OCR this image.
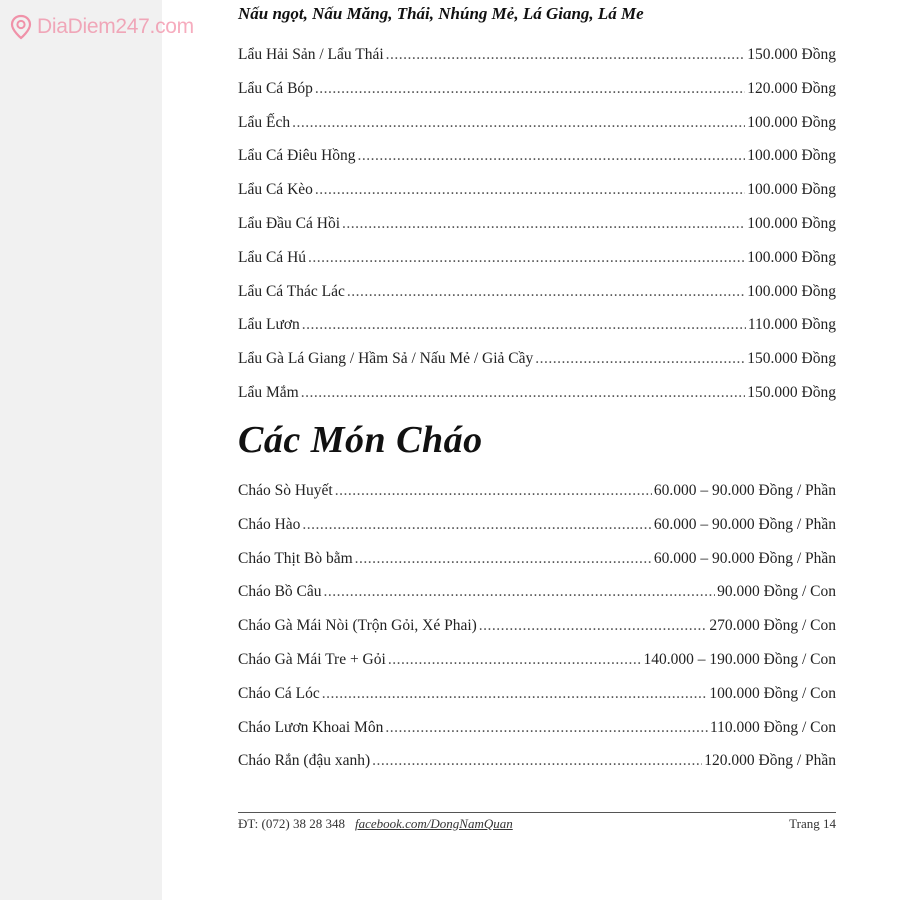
DiaDiem247.com
Nấu ngọt, Nấu Măng, Thái, Nhúng Mẻ, Lá Giang, Lá Me
Lẩu Hải Sản / Lẩu Thái .....	150.000 Đồng
Lẩu Cá Bóp .....	120.000 Đồng
Lẩu Ếch .....	100.000 Đồng
Lẩu Cá Điêu Hồng .....	100.000 Đồng
Lẩu Cá Kèo .....	100.000 Đồng
Lẩu Đầu Cá Hồi .....	100.000 Đồng
Lẩu Cá Hú .....	100.000 Đồng
Lẩu Cá Thác Lác .....	100.000 Đồng
Lẩu Lươn .....	110.000 Đồng
Lẩu Gà Lá Giang / Hầm Sả / Nấu Mẻ / Giả Cầy .....	150.000 Đồng
Lẩu Mắm .....	150.000 Đồng
Các Món Cháo
Cháo Sò Huyết .....	60.000 – 90.000 Đồng / Phần
Cháo Hào .....	60.000 – 90.000 Đồng / Phần
Cháo Thịt Bò bằm .....	60.000 – 90.000 Đồng / Phần
Cháo Bồ Câu .....	90.000 Đồng / Con
Cháo Gà Mái Nòi (Trộn Gỏi, Xé Phai) .....	270.000 Đồng / Con
Cháo Gà Mái Tre + Gỏi .....	140.000 – 190.000 Đồng / Con
Cháo Cá Lóc .....	100.000 Đồng / Con
Cháo Lươn Khoai Môn .....	110.000 Đồng / Con
Cháo Rắn (đậu xanh) .....	120.000 Đồng / Phần
ĐT: (072) 38 28 348 facebook.com/DongNamQuan	Trang 14
